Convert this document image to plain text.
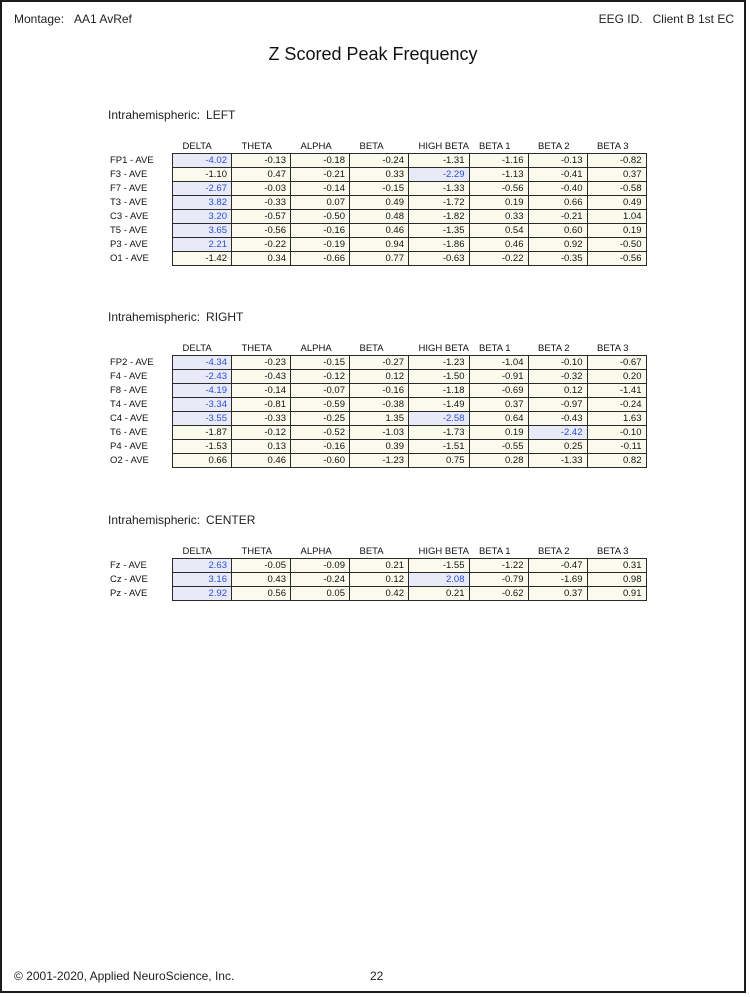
Montage: AA1 AvRef	EEG ID. Client B 1st EC
Z Scored Peak Frequency
Intrahemispheric: LEFT
	DELTA	THETA	ALPHA	BETA	HIGH BETA	BETA 1	BETA 2	BETA 3
FP1 - AVE	-4.02	-0.13	-0.18	-0.24	-1.31	-1.16	-0.13	-0.82
F3 - AVE	-1.10	0.47	-0.21	0.33	-2.29	-1.13	-0.41	0.37
F7 - AVE	-2.67	-0.03	-0.14	-0.15	-1.33	-0.56	-0.40	-0.58
T3 - AVE	3.82	-0.33	0.07	0.49	-1.72	0.19	0.66	0.49
C3 - AVE	3.20	-0.57	-0.50	0.48	-1.82	0.33	-0.21	1.04
T5 - AVE	3.65	-0.56	-0.16	0.46	-1.35	0.54	0.60	0.19
P3 - AVE	2.21	-0.22	-0.19	0.94	-1.86	0.46	0.92	-0.50
O1 - AVE	-1.42	0.34	-0.66	0.77	-0.63	-0.22	-0.35	-0.56
Intrahemispheric: RIGHT
	DELTA	THETA	ALPHA	BETA	HIGH BETA	BETA 1	BETA 2	BETA 3
FP2 - AVE	-4.34	-0.23	-0.15	-0.27	-1.23	-1.04	-0.10	-0.67
F4 - AVE	-2.43	-0.43	-0.12	0.12	-1.50	-0.91	-0.32	0.20
F8 - AVE	-4.19	-0.14	-0.07	-0.16	-1.18	-0.69	0.12	-1.41
T4 - AVE	-3.34	-0.81	-0.59	-0.38	-1.49	0.37	-0.97	-0.24
C4 - AVE	-3.55	-0.33	-0.25	1.35	-2.58	0.64	-0.43	1.63
T6 - AVE	-1.87	-0.12	-0.52	-1.03	-1.73	0.19	-2.42	-0.10
P4 - AVE	-1.53	0.13	-0.16	0.39	-1.51	-0.55	0.25	-0.11
O2 - AVE	0.66	0.46	-0.60	-1.23	0.75	0.28	-1.33	0.82
Intrahemispheric: CENTER
	DELTA	THETA	ALPHA	BETA	HIGH BETA	BETA 1	BETA 2	BETA 3
Fz - AVE	2.63	-0.05	-0.09	0.21	-1.55	-1.22	-0.47	0.31
Cz - AVE	3.16	0.43	-0.24	0.12	2.08	-0.79	-1.69	0.98
Pz - AVE	2.92	0.56	0.05	0.42	0.21	-0.62	0.37	0.91
© 2001-2020, Applied NeuroScience, Inc.	22
